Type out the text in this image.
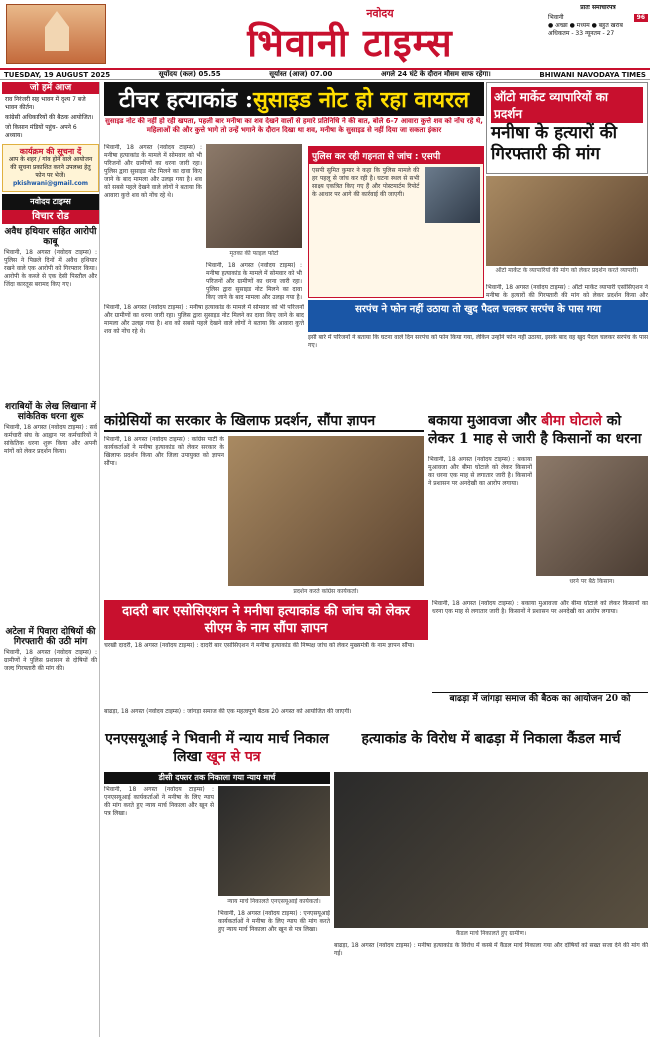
नवोदय
भिवानी टाइम्स
प्रातः समाचारपत्र
भिवानी	96
● अच्छा ● मध्यम ● बहुत खराब
अधिकतम - 33 न्यूनतम - 27
TUESDAY, 19 AUGUST 2025	सूर्योदय (कल) 05.55	सूर्यास्त (आज) 07.00	अगले 24 घंटे के दौरान मौसम साफ रहेगा।	BHIWANI NAVODAYA TIMES
जो हमें आज
राव निरंजरी सह भावन में दृश्य 7 बजे भावन कीर्तन।
कांग्रेसी अधिकारियों की बैठक आयोजित।
जो किसान मंडियों पहुंच- अपने 6 अध्याय।
कार्यक्रम की सूचना दें
आप के शहर / गांव होने वाले आयोजन की सूचना प्रकाशित करने उपलब्ध हेतु फोन पर भेजें।
pkishwani@gmail.com
नवोदय टाइम्स
विचार रोड
अवैध हथियार सहित आरोपी काबू
भिवानी, 18 अगस्त (नवोदय टाइम्स) : पुलिस ने पिछले दिनों में अवैध हथियार रखने वाले एक आरोपी को गिरफ्तार किया। आरोपी के कब्जे से एक देसी पिस्तौल और जिंदा कारतूस बरामद किए गए।
शराबियों के लेख लिखाना में सांकेतिक धरना शुरू
भिवानी, 18 अगस्त (नवोदय टाइम्स) : सर्व कर्मचारी संघ के आह्वान पर कर्मचारियों ने सांकेतिक धरना शुरू किया और अपनी मांगों को लेकर प्रदर्शन किया।
अटेला में पिवारा दोषियों की गिरफ्तारी की उठी मांग
भिवानी, 18 अगस्त (नवोदय टाइम्स) : ग्रामीणों ने पुलिस प्रशासन से दोषियों की जल्द गिरफ्तारी की मांग की।
टीचर हत्याकांड : सुसाइड नोट हो रहा वायरल
सुसाइड नोट की नहीं हो रही खपता, पहली बार मनीषा का शव देखने वालों से हमारे प्रतिनिधि ने की बात, बोले 6-7 आवारा कुत्ते शव को नोंच रहे थे, महिलाओं की और कुत्ते भागे तो उन्हें भगाने के दौरान दिखा था शव, मनीषा के सुसाइड से नहीं दिया जा सकता इंकार
भिवानी, 18 अगस्त (नवोदय टाइम्स) : मनीषा हत्याकांड के मामले में सोमवार को भी परिजनों और ग्रामीणों का धरना जारी रहा। पुलिस द्वारा सुसाइड नोट मिलने का दावा किए जाने के बाद मामला और उलझ गया है। शव को सबसे पहले देखने वाले लोगों ने बताया कि आवारा कुत्ते शव को नोंच रहे थे।
मृतका की फाइल फोटो
भिवानी, 18 अगस्त (नवोदय टाइम्स) : मनीषा हत्याकांड के मामले में सोमवार को भी परिजनों और ग्रामीणों का धरना जारी रहा। पुलिस द्वारा सुसाइड नोट मिलने का दावा किए जाने के बाद मामला और उलझ गया है।
पुलिस कर रही गहनता से जांच : एसपी
एसपी सुमित कुमार ने कहा कि पुलिस मामले की हर पहलू से जांच कर रही है। घटना स्थल से सभी साक्ष्य एकत्रित किए गए हैं और पोस्टमार्टम रिपोर्ट के आधार पर आगे की कार्रवाई की जाएगी।
ऑटो मार्केट व्यापारियों का प्रदर्शन
मनीषा के हत्यारों की गिरफ्तारी की मांग
ऑटो मार्केट के व्यापारियों की मांग को लेकर प्रदर्शन करते व्यापारी।
सरपंच ने फोन नहीं उठाया तो खुद पैदल चलकर सरपंच के पास गया
इसी बारे में परिजनों ने बताया कि घटना वाले दिन सरपंच को फोन किया गया, लेकिन उन्होंने फोन नहीं उठाया, इसके बाद वह खुद पैदल चलकर सरपंच के पास गए।
भिवानी, 18 अगस्त (नवोदय टाइम्स) : ऑटो मार्केट व्यापारी एसोसिएशन ने मनीषा के हत्यारों की गिरफ्तारी की मांग को लेकर प्रदर्शन किया और
भिवानी, 18 अगस्त (नवोदय टाइम्स) : मनीषा हत्याकांड के मामले में सोमवार को भी परिजनों और ग्रामीणों का धरना जारी रहा। पुलिस द्वारा सुसाइड नोट मिलने का दावा किए जाने के बाद मामला और उलझ गया है। शव को सबसे पहले देखने वाले लोगों ने बताया कि आवारा कुत्ते शव को नोंच रहे थे।
कांग्रेसियों का सरकार के खिलाफ प्रदर्शन, सौंपा ज्ञापन
भिवानी, 18 अगस्त (नवोदय टाइम्स) : कांग्रेस पार्टी के कार्यकर्ताओं ने मनीषा हत्याकांड को लेकर सरकार के खिलाफ प्रदर्शन किया और जिला उपायुक्त को ज्ञापन सौंपा।
प्रदर्शन करते कांग्रेस कार्यकर्ता।
बकाया मुआवजा और बीमा घोटाले को लेकर 1 माह से जारी है किसानों का धरना
भिवानी, 18 अगस्त (नवोदय टाइम्स) : बकाया मुआवजा और बीमा घोटाले को लेकर किसानों का धरना एक माह से लगातार जारी है। किसानों ने प्रशासन पर अनदेखी का आरोप लगाया।
धरने पर बैठे किसान।
दादरी बार एसोसिएशन ने मनीषा हत्याकांड की जांच को लेकर सीएम के नाम सौंपा ज्ञापन
चरखी दादरी, 18 अगस्त (नवोदय टाइम्स) : दादरी बार एसोसिएशन ने मनीषा हत्याकांड की निष्पक्ष जांच को लेकर मुख्यमंत्री के नाम ज्ञापन सौंपा।
भिवानी, 18 अगस्त (नवोदय टाइम्स) : बकाया मुआवजा और बीमा घोटाले को लेकर किसानों का धरना एक माह से लगातार जारी है। किसानों ने प्रशासन पर अनदेखी का आरोप लगाया।
बाढड़ा में जांगड़ा समाज की बैठक का आयोजन 20 को
बाढड़ा, 18 अगस्त (नवोदय टाइम्स) : जांगड़ा समाज की एक महत्वपूर्ण बैठक 20 अगस्त को आयोजित की जाएगी।
एनएसयूआई ने भिवानी में न्याय मार्च निकाल लिखा खून से पत्र
डीसी दफ्तर तक निकाला गया न्याय मार्च
भिवानी, 18 अगस्त (नवोदय टाइम्स) : एनएसयूआई कार्यकर्ताओं ने मनीषा के लिए न्याय की मांग करते हुए न्याय मार्च निकाला और खून से पत्र लिखा।
न्याय मार्च निकालते एनएसयूआई कार्यकर्ता।
भिवानी, 18 अगस्त (नवोदय टाइम्स) : एनएसयूआई कार्यकर्ताओं ने मनीषा के लिए न्याय की मांग करते हुए न्याय मार्च निकाला और खून से पत्र लिखा।
हत्याकांड के विरोध में बाढड़ा में निकाला कैंडल मार्च
कैंडल मार्च निकालते हुए ग्रामीण।
बाढड़ा, 18 अगस्त (नवोदय टाइम्स) : मनीषा हत्याकांड के विरोध में कस्बे में कैंडल मार्च निकाला गया और दोषियों को सख्त सजा देने की मांग की गई।
